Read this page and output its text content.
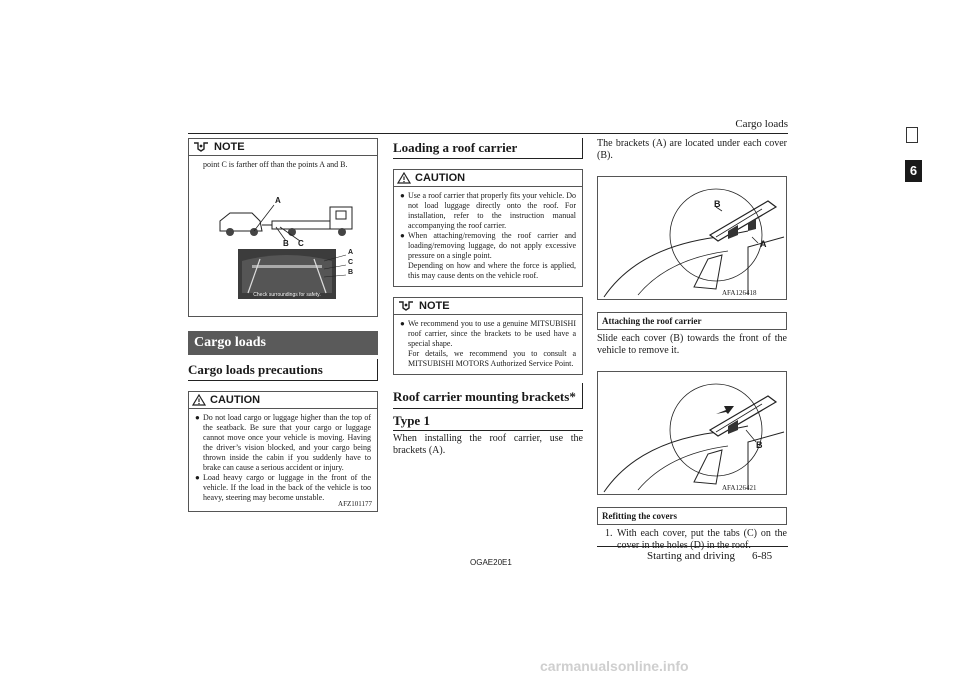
Cargo loads
6
NOTE
point C is farther off than the points A and B.
A
B C
A
C
B
Check surroundings for safety.
AFZ101177
Cargo loads
Cargo loads precautions
CAUTION
● Do not load cargo or luggage higher than the top of the seatback. Be sure that your cargo or luggage cannot move once your vehicle is moving. Having the driver’s vision blocked, and your cargo being thrown inside the cabin if you suddenly have to brake can cause a serious accident or injury.
● Load heavy cargo or luggage in the front of the vehicle. If the load in the back of the vehicle is too heavy, steering may become unstable.
Loading a roof carrier
CAUTION
● Use a roof carrier that properly fits your vehicle. Do not load luggage directly onto the roof. For installation, refer to the instruction manual accompanying the roof carrier.
● When attaching/removing the roof carrier and loading/removing luggage, do not apply excessive pressure on a single point.
Depending on how and where the force is applied, this may cause dents on the vehicle roof.
NOTE
● We recommend you to use a genuine MITSUBISHI roof carrier, since the brackets to be used have a special shape.
For details, we recommend you to consult a MITSUBISHI MOTORS Authorized Service Point.
Roof carrier mounting brackets*
Type 1
When installing the roof carrier, use the brackets (A).
The brackets (A) are located under each cover (B).
B
A
AFA126418
Attaching the roof carrier
Slide each cover (B) towards the front of the vehicle to remove it.
B
AFA126421
Refitting the covers
1. With each cover, put the tabs (C) on the
OGAE20E1
Starting and driving 6-85
carmanualsonline.info
